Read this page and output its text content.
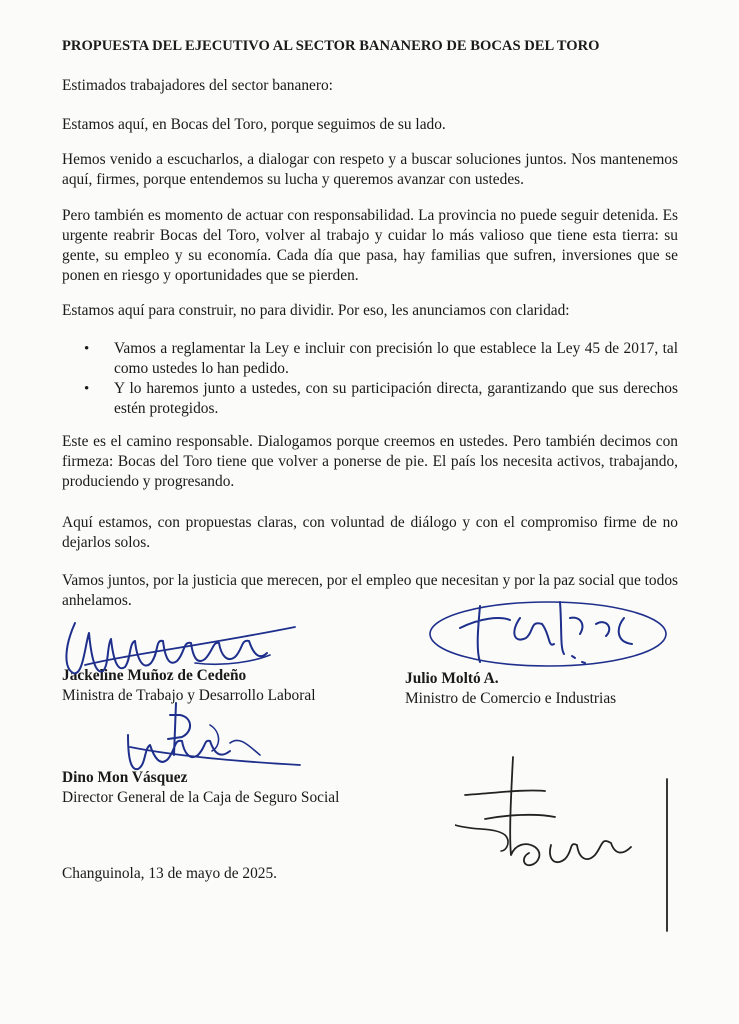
PROPUESTA DEL EJECUTIVO AL SECTOR BANANERO DE BOCAS DEL TORO

Estimados trabajadores del sector bananero:

Estamos aquí, en Bocas del Toro, porque seguimos de su lado.

Hemos venido a escucharlos, a dialogar con respeto y a buscar soluciones juntos. Nos mantenemos aquí, firmes, porque entendemos su lucha y queremos avanzar con ustedes.

Pero también es momento de actuar con responsabilidad. La provincia no puede seguir detenida. Es urgente reabrir Bocas del Toro, volver al trabajo y cuidar lo más valioso que tiene esta tierra: su gente, su empleo y su economía. Cada día que pasa, hay familias que sufren, inversiones que se ponen en riesgo y oportunidades que se pierden.

Estamos aquí para construir, no para dividir. Por eso, les anunciamos con claridad:

• Vamos a reglamentar la Ley e incluir con precisión lo que establece la Ley 45 de 2017, tal como ustedes lo han pedido.
• Y lo haremos junto a ustedes, con su participación directa, garantizando que sus derechos estén protegidos.

Este es el camino responsable. Dialogamos porque creemos en ustedes. Pero también decimos con firmeza: Bocas del Toro tiene que volver a ponerse de pie. El país los necesita activos, trabajando, produciendo y progresando.

Aquí estamos, con propuestas claras, con voluntad de diálogo y con el compromiso firme de no dejarlos solos.

Vamos juntos, por la justicia que merecen, por el empleo que necesitan y por la paz social que todos anhelamos.

Jackeline Muñoz de Cedeño
Ministra de Trabajo y Desarrollo Laboral
Julio Moltó A.
Ministro de Comercio e Industrias
Dino Mon Vásquez
Director General de la Caja de Seguro Social

Changuinola, 13 de mayo de 2025.
